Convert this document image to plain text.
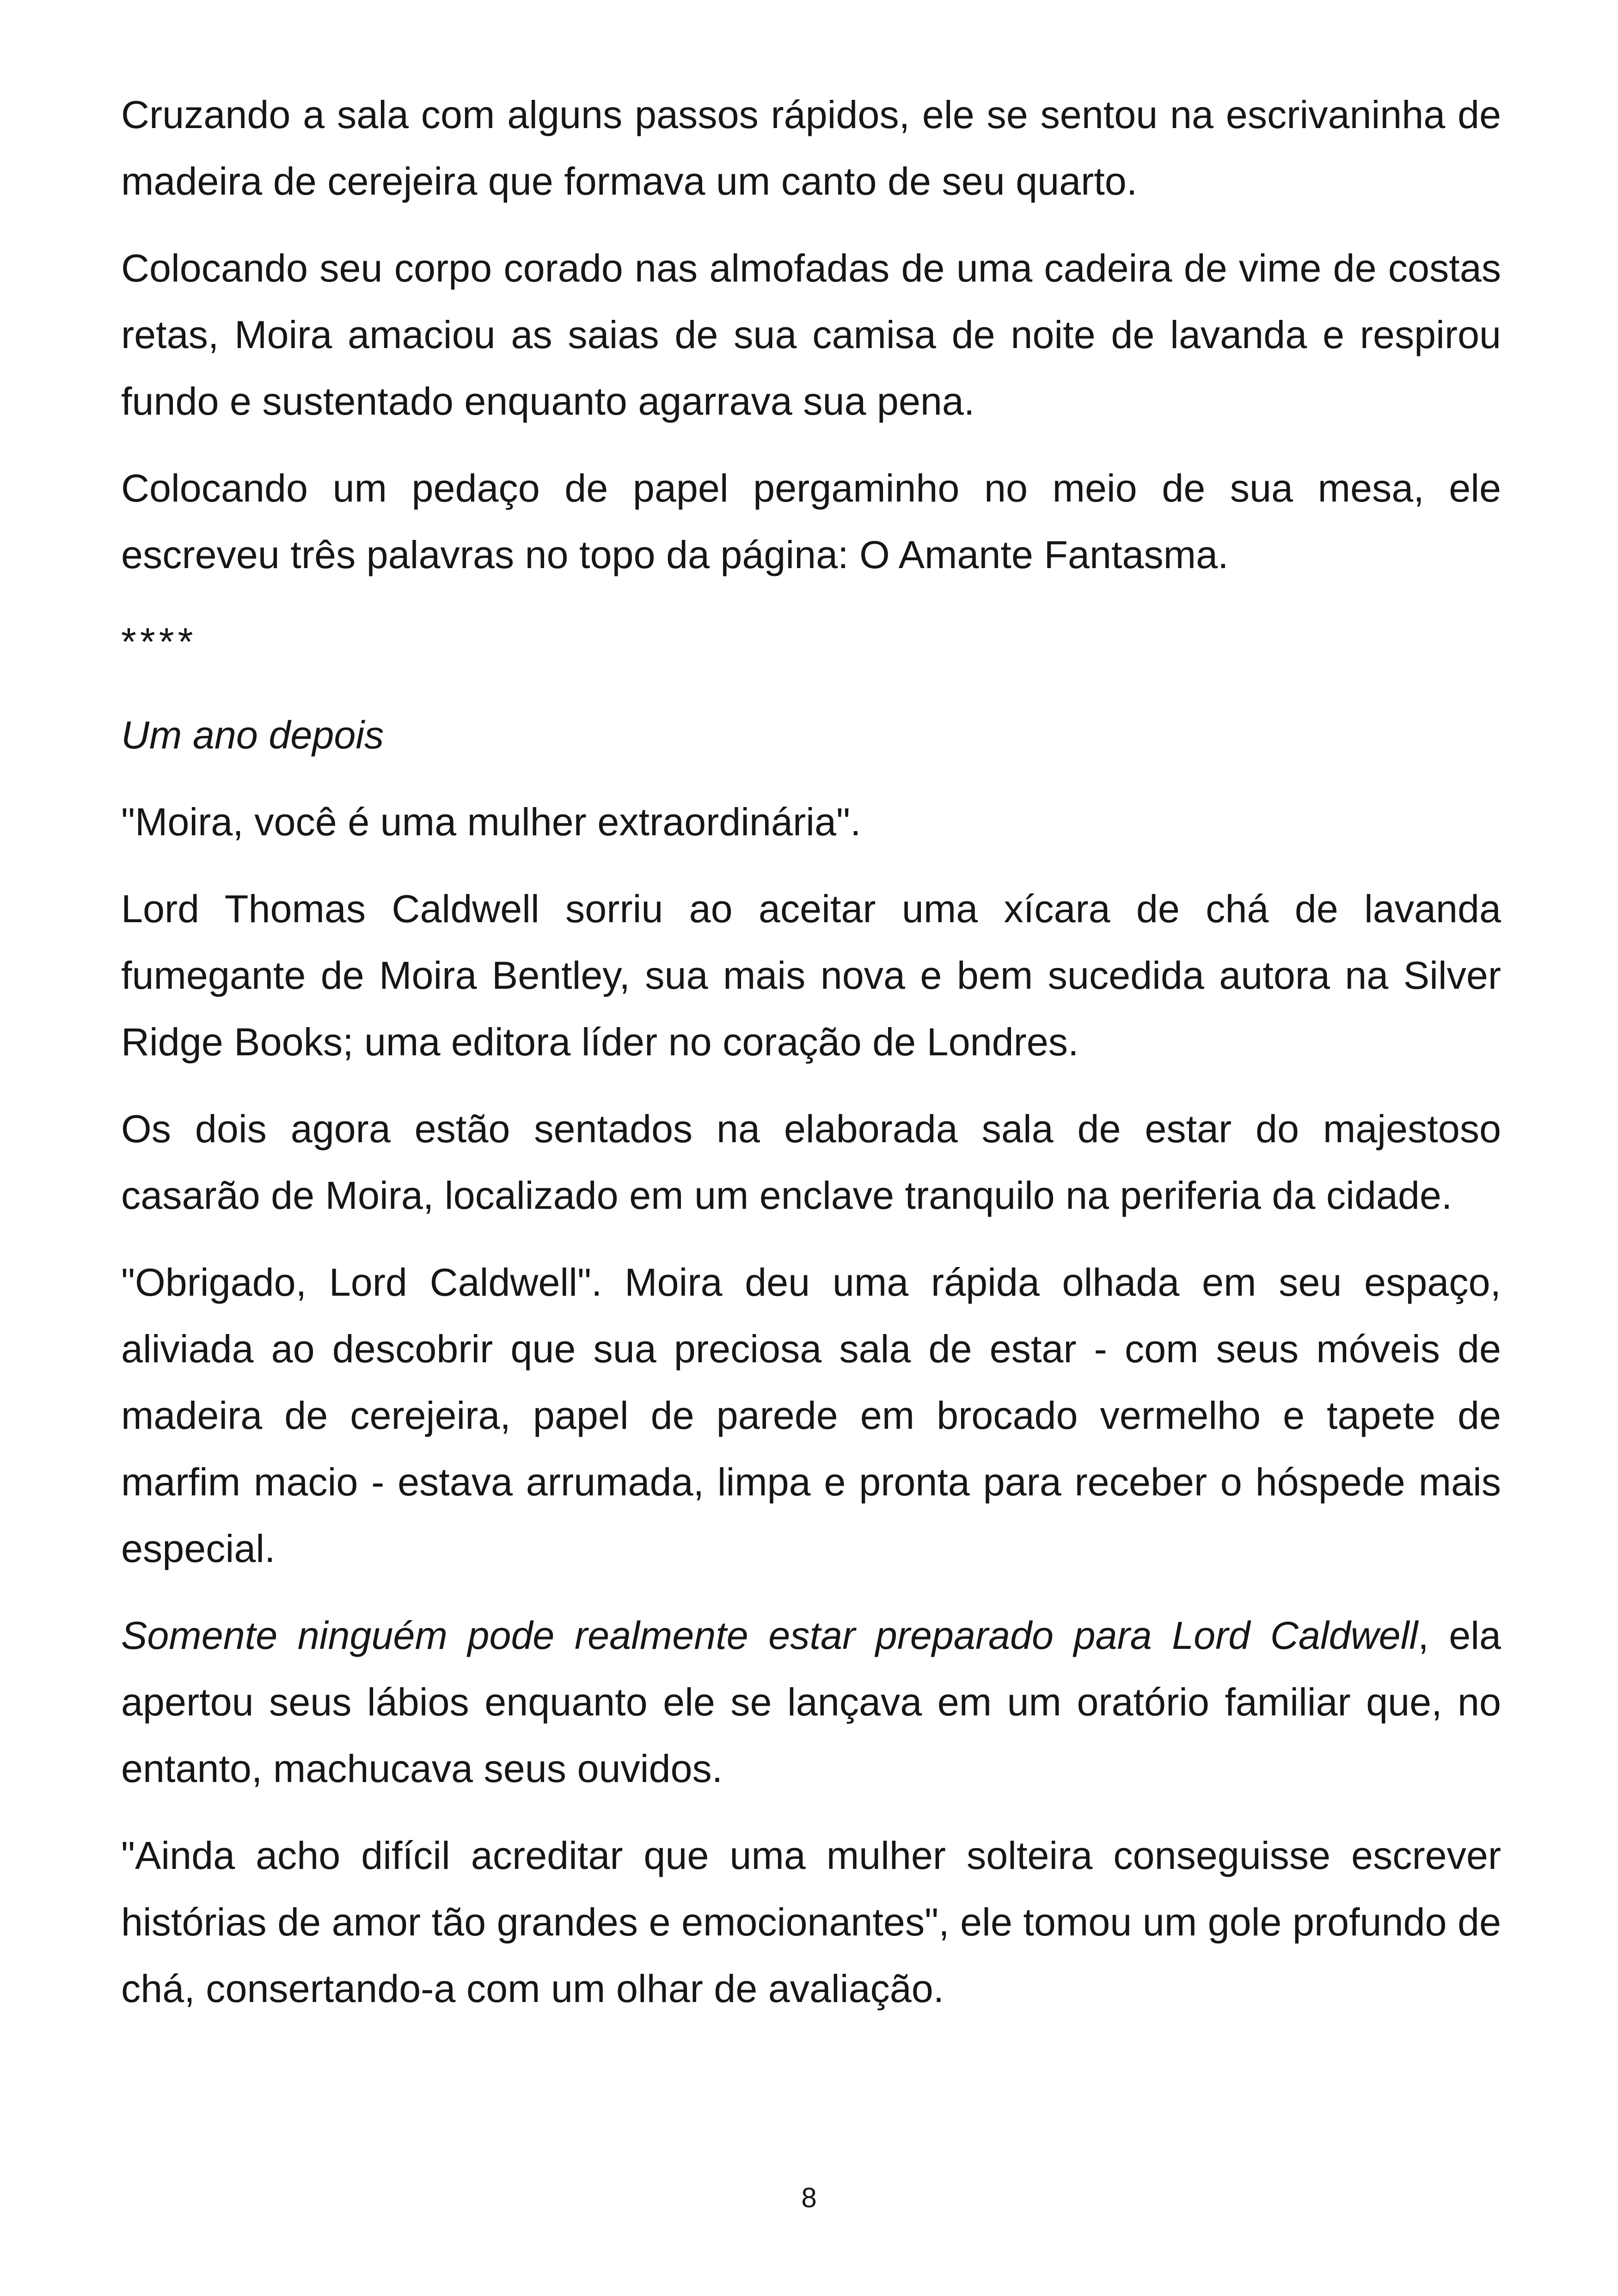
Cruzando a sala com alguns passos rápidos, ele se sentou na escrivaninha de madeira de cerejeira que formava um canto de seu quarto.

Colocando seu corpo corado nas almofadas de uma cadeira de vime de costas retas, Moira amaciou as saias de sua camisa de noite de lavanda e respirou fundo e sustentado enquanto agarrava sua pena.

Colocando um pedaço de papel pergaminho no meio de sua mesa, ele escreveu três palavras no topo da página: O Amante Fantasma.

****

Um ano depois

"Moira, você é uma mulher extraordinária".

Lord Thomas Caldwell sorriu ao aceitar uma xícara de chá de lavanda fumegante de Moira Bentley, sua mais nova e bem sucedida autora na Silver Ridge Books; uma editora líder no coração de Londres.

Os dois agora estão sentados na elaborada sala de estar do majestoso casarão de Moira, localizado em um enclave tranquilo na periferia da cidade.

"Obrigado, Lord Caldwell". Moira deu uma rápida olhada em seu espaço, aliviada ao descobrir que sua preciosa sala de estar - com seus móveis de madeira de cerejeira, papel de parede em brocado vermelho e tapete de marfim macio - estava arrumada, limpa e pronta para receber o hóspede mais especial.

Somente ninguém pode realmente estar preparado para Lord Caldwell, ela apertou seus lábios enquanto ele se lançava em um oratório familiar que, no entanto, machucava seus ouvidos.

"Ainda acho difícil acreditar que uma mulher solteira conseguisse escrever histórias de amor tão grandes e emocionantes", ele tomou um gole profundo de chá, consertando-a com um olhar de avaliação.

8
